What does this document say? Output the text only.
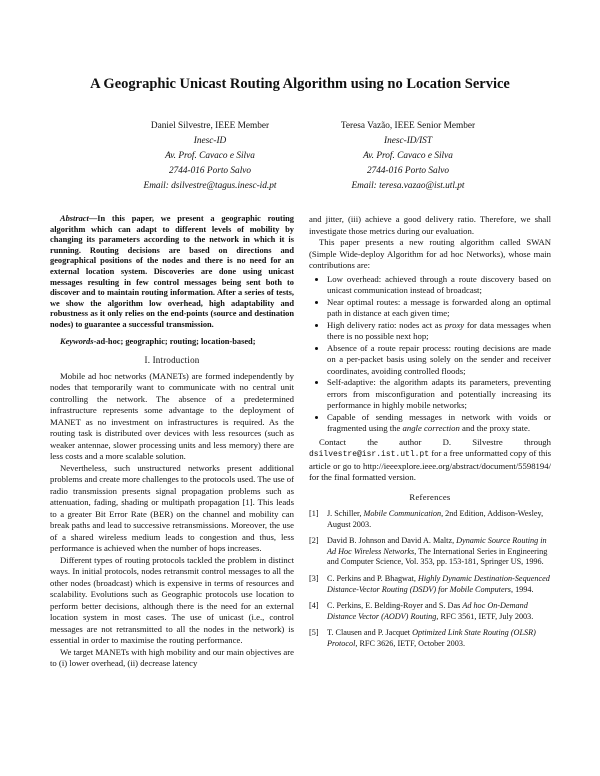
A Geographic Unicast Routing Algorithm using no Location Service
Daniel Silvestre, IEEE Member
Inesc-ID
Av. Prof. Cavaco e Silva
2744-016 Porto Salvo
Email: dsilvestre@tagus.inesc-id.pt
Teresa Vazão, IEEE Senior Member
Inesc-ID/IST
Av. Prof. Cavaco e Silva
2744-016 Porto Salvo
Email: teresa.vazao@ist.utl.pt

Abstract—In this paper, we present a geographic routing algorithm which can adapt to different levels of mobility by changing its parameters according to the network in which it is running. Routing decisions are based on directions and geographical positions of the nodes and there is no need for an external location system. Discoveries are done using unicast messages resulting in few control messages being sent both to discover and to maintain routing information. After a series of tests, we show the algorithm low overhead, high adaptability and robustness as it only relies on the end-points (source and destination nodes) to guarantee a successful transmission.

Keywords-ad-hoc; geographic; routing; location-based;

I. Introduction

Mobile ad hoc networks (MANETs) are formed independently by nodes that temporarily want to communicate with no central unit controlling the network. The absence of a predetermined infrastructure represents some advantage to the deployment of MANET as no investment on infrastructures is required. As the routing task is distributed over devices with less resources (such as weaker antennae, slower processing units and less memory) there are less costs and a more scalable solution.

Nevertheless, such unstructured networks present additional problems and create more challenges to the protocols used. The use of radio transmission presents signal propagation problems such as attenuation, fading, shading or multipath propagation [1]. This leads to a greater Bit Error Rate (BER) on the channel and mobility can break paths and lead to successive retransmissions. Moreover, the use of a shared wireless medium leads to congestion and thus, less performance is achieved when the number of hops increases.

Different types of routing protocols tackled the problem in distinct ways. In initial protocols, nodes retransmit control messages to all the other nodes (broadcast) which is expensive in terms of resources and scalability. Evolutions such as Geographic protocols use location to perform better decisions, although there is the need for an external location system in most cases. The use of unicast (i.e., control messages are not retransmitted to all the nodes in the network) is essential in order to maximise the routing performance.

We target MANETs with high mobility and our main objectives are to (i) lower overhead, (ii) decrease latency

and jitter, (iii) achieve a good delivery ratio. Therefore, we shall investigate those metrics during our evaluation.

This paper presents a new routing algorithm called SWAN (Simple Wide-deploy Algorithm for ad hoc Networks), whose main contributions are:

• Low overhead: achieved through a route discovery based on unicast communication instead of broadcast;
• Near optimal routes: a message is forwarded along an optimal path in distance at each given time;
• High delivery ratio: nodes act as proxy for data messages when there is no possible next hop;
• Absence of a route repair process: routing decisions are made on a per-packet basis using solely on the sender and receiver coordinates, avoiding controlled floods;
• Self-adaptive: the algorithm adapts its parameters, preventing errors from misconfiguration and potentially increasing its performance in highly mobile networks;
• Capable of sending messages in network with voids or fragmented using the angle correction and the proxy state.

Contact the author D. Silvestre through dsilvestre@isr.ist.utl.pt for a free unformatted copy of this article or go to http://ieeexplore.ieee.org/abstract/document/5598194/ for the final formatted version.

References
[1]	J. Schiller, Mobile Communication, 2nd Edition, Addison-Wesley, August 2003.
[2]	David B. Johnson and David A. Maltz, Dynamic Source Routing in Ad Hoc Wireless Networks, The International Series in Engineering and Computer Science, Vol. 353, pp. 153-181, Springer US, 1996.
[3]	C. Perkins and P. Bhagwat, Highly Dynamic Destination-Sequenced Distance-Vector Routing (DSDV) for Mobile Computers, 1994.
[4]	C. Perkins, E. Belding-Royer and S. Das Ad hoc On-Demand Distance Vector (AODV) Routing, RFC 3561, IETF, July 2003.
[5]	T. Clausen and P. Jacquet Optimized Link State Routing (OLSR) Protocol, RFC 3626, IETF, October 2003.
